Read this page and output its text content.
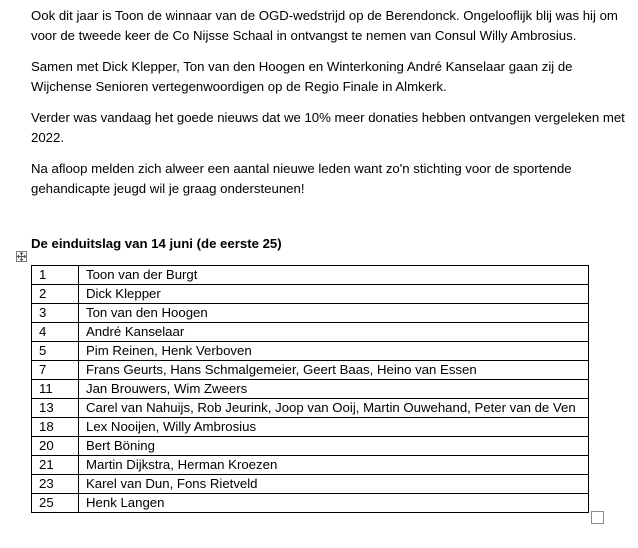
Ook dit jaar is Toon de winnaar van de OGD-wedstrijd op de Berendonck. Ongelooflijk blij was hij om voor de tweede keer de Co Nijsse Schaal in ontvangst te nemen van Consul Willy Ambrosius.

Samen met Dick Klepper, Ton van den Hoogen en Winterkoning André Kanselaar gaan zij de Wijchense Senioren vertegenwoordigen op de Regio Finale in Almkerk.

Verder was vandaag het goede nieuws dat we 10% meer donaties hebben ontvangen vergeleken met 2022.

Na afloop melden zich alweer een aantal nieuwe leden want zo'n stichting voor de sportende gehandicapte jeugd wil je graag ondersteunen!

De einduitslag van 14 juni (de eerste 25)
1	Toon van der Burgt
2	Dick Klepper
3	Ton van den Hoogen
4	André Kanselaar
5	Pim Reinen, Henk Verboven
7	Frans Geurts, Hans Schmalgemeier, Geert Baas, Heino van Essen
11	Jan Brouwers, Wim Zweers
13	Carel van Nahuijs, Rob Jeurink, Joop van Ooij, Martin Ouwehand, Peter van de Ven
18	Lex Nooijen, Willy Ambrosius
20	Bert Böning
21	Martin Dijkstra, Herman Kroezen
23	Karel van Dun, Fons Rietveld
25	Henk Langen
